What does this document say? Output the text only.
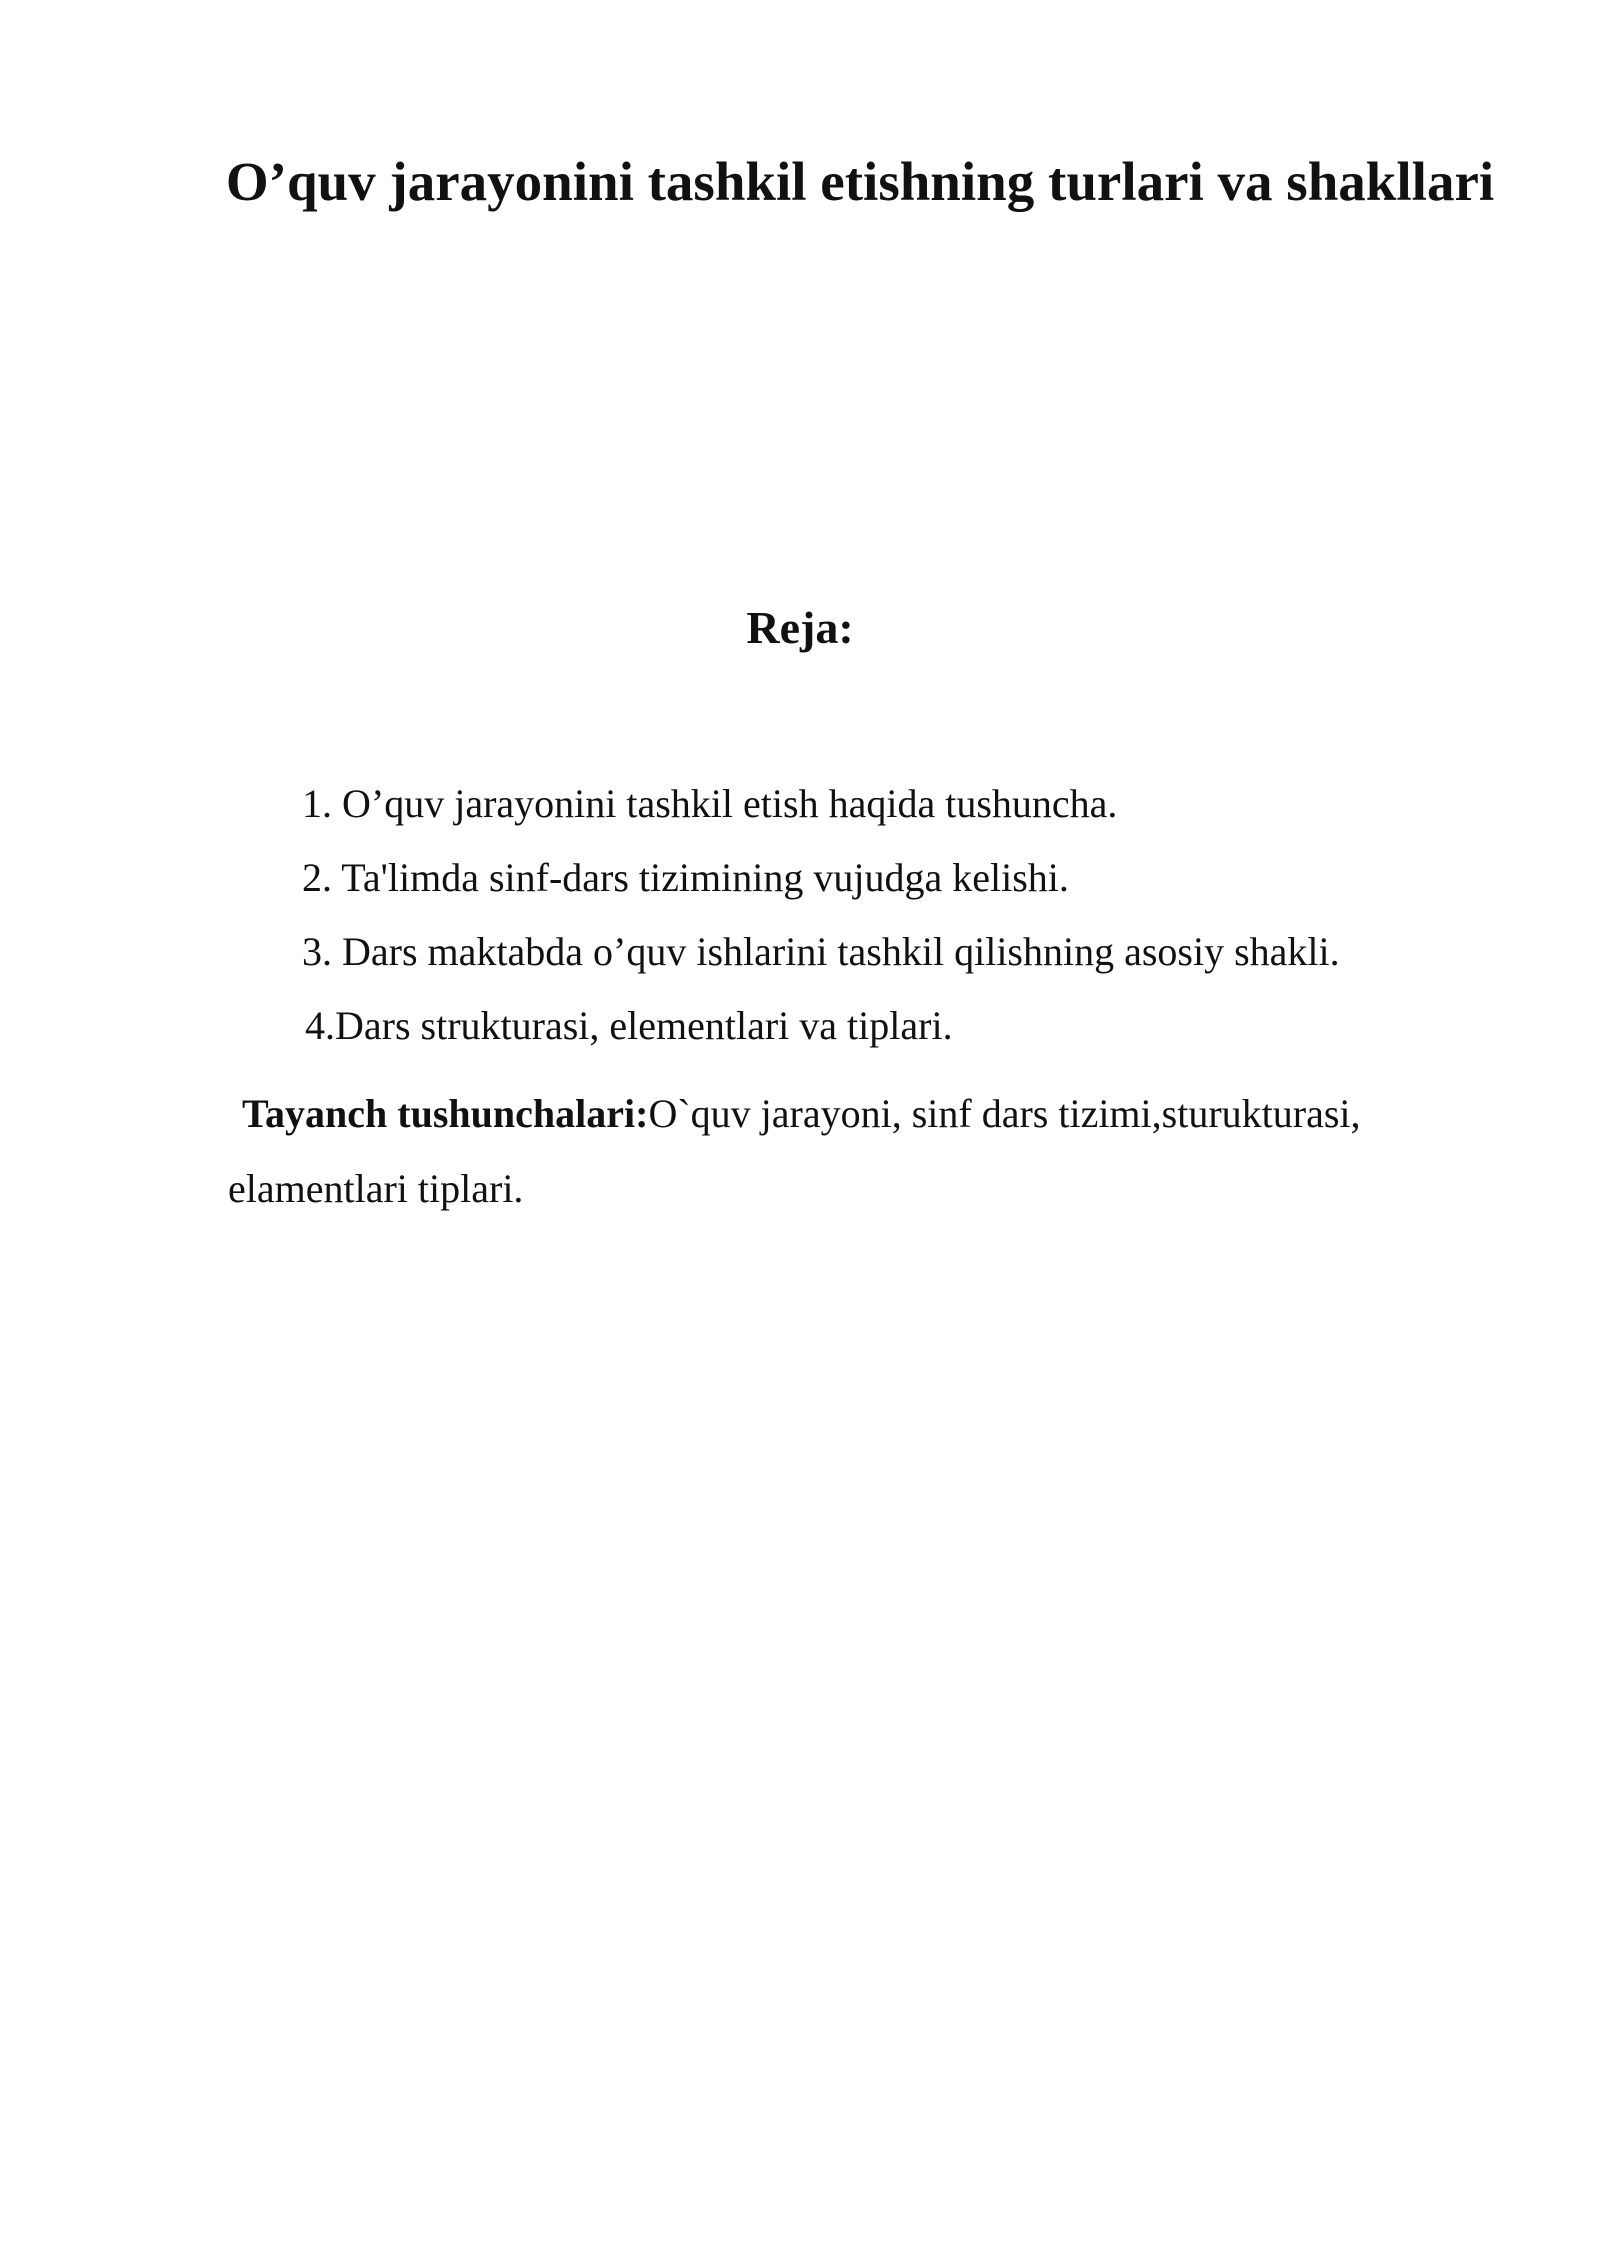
O’quv jarayonini tashkil etishning turlari va shakllari
Reja:
1. O’quv jarayonini tashkil etish haqida tushuncha.
2. Ta'limda sinf-dars tizimining vujudga kelishi.
3. Dars maktabda o’quv ishlarini tashkil qilishning asosiy shakli.
4.Dars strukturasi, elementlari va tiplari.

Tayanch tushunchalari:O`quv jarayoni, sinf dars tizimi,sturukturasi, elamentlari tiplari.
